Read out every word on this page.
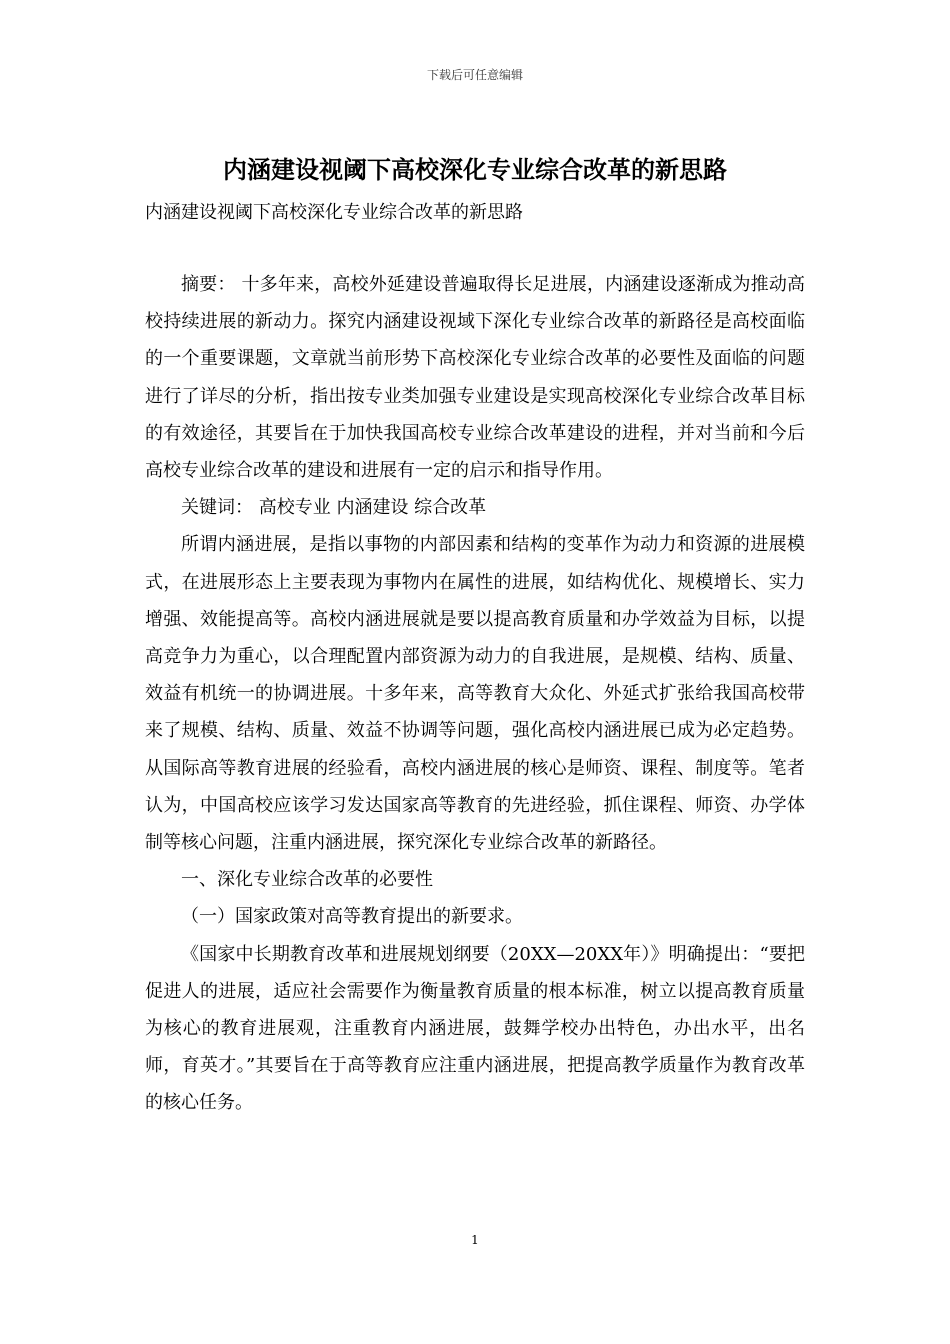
下载后可任意编辑
内涵建设视阈下高校深化专业综合改革的新思路
内涵建设视阈下高校深化专业综合改革的新思路

摘要： 十多年来，高校外延建设普遍取得长足进展，内涵建设逐渐成为推动高校持续进展的新动力。探究内涵建设视域下深化专业综合改革的新路径是高校面临的一个重要课题，文章就当前形势下高校深化专业综合改革的必要性及面临的问题进行了详尽的分析，指出按专业类加强专业建设是实现高校深化专业综合改革目标的有效途径，其要旨在于加快我国高校专业综合改革建设的进程，并对当前和今后高校专业综合改革的建设和进展有一定的启示和指导作用。

关键词： 高校专业 内涵建设 综合改革

所谓内涵进展，是指以事物的内部因素和结构的变革作为动力和资源的进展模式，在进展形态上主要表现为事物内在属性的进展，如结构优化、规模增长、实力增强、效能提高等。高校内涵进展就是要以提高教育质量和办学效益为目标，以提高竞争力为重心，以合理配置内部资源为动力的自我进展，是规模、结构、质量、效益有机统一的协调进展。十多年来，高等教育大众化、外延式扩张给我国高校带来了规模、结构、质量、效益不协调等问题，强化高校内涵进展已成为必定趋势。从国际高等教育进展的经验看，高校内涵进展的核心是师资、课程、制度等。笔者认为，中国高校应该学习发达国家高等教育的先进经验，抓住课程、师资、办学体制等核心问题，注重内涵进展，探究深化专业综合改革的新路径。

一、深化专业综合改革的必要性

（一）国家政策对高等教育提出的新要求。

《国家中长期教育改革和进展规划纲要（20XX—20XX年）》明确提出：“要把促进人的进展，适应社会需要作为衡量教育质量的根本标准，树立以提高教育质量为核心的教育进展观，注重教育内涵进展，鼓舞学校办出特色，办出水平，出名师，育英才。”其要旨在于高等教育应注重内涵进展，把提高教学质量作为教育改革的核心任务。

1
